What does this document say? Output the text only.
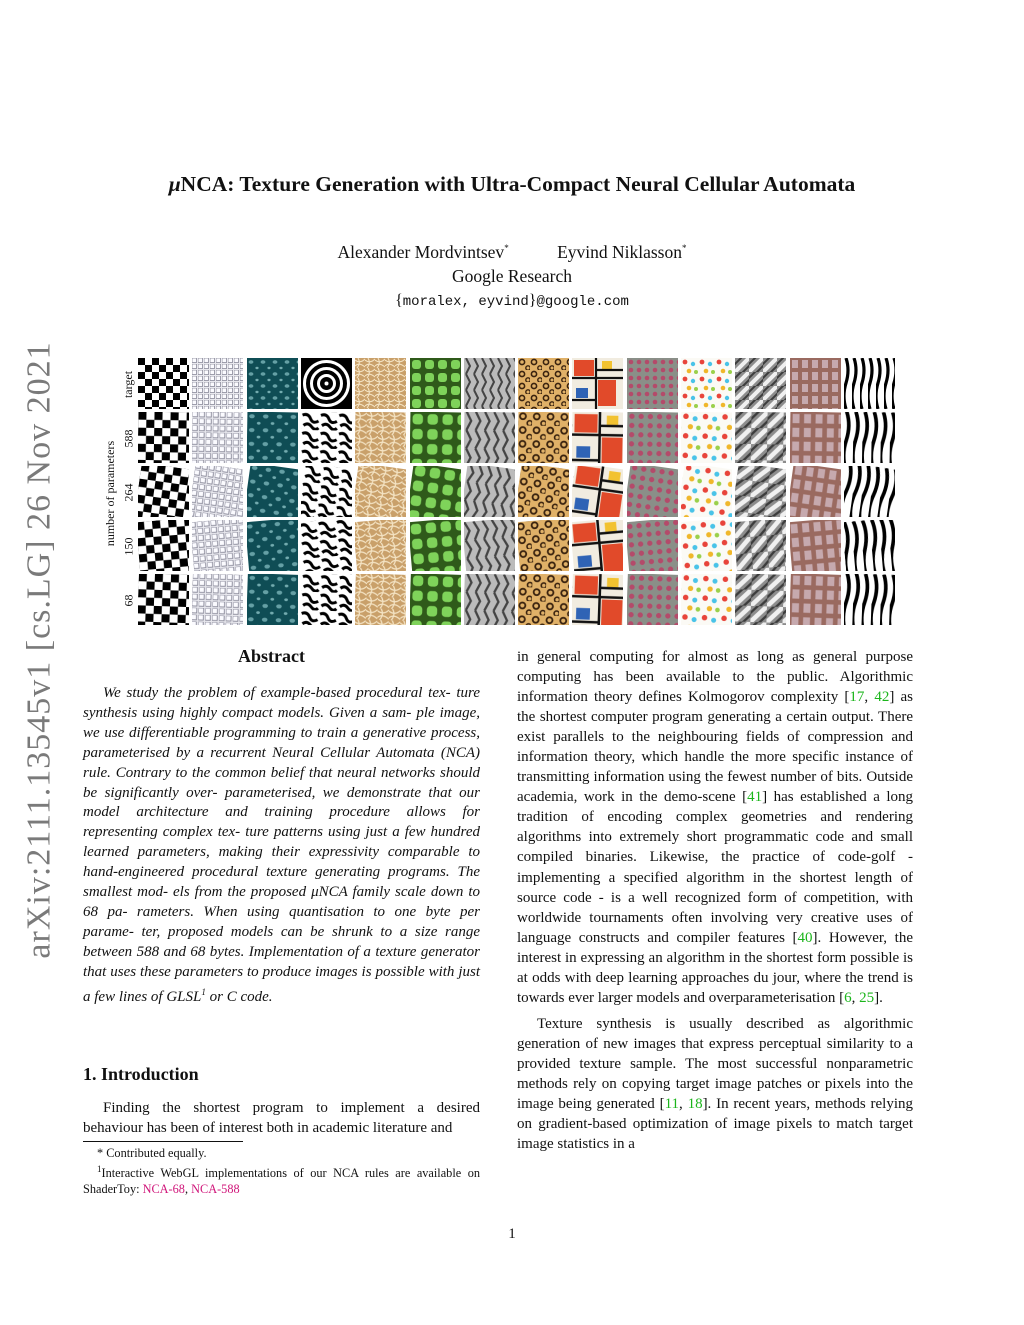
arXiv:2111.13545v1 [cs.LG] 26 Nov 2021
μNCA: Texture Generation with Ultra-Compact Neural Cellular Automata
Alexander Mordvintsev*	Eyvind Niklasson*
Google Research
{moralex, eyvind}@google.com
number of parameters
target
588
264
150
68
Abstract

We study the problem of example-based procedural tex- ture synthesis using highly compact models. Given a sam- ple image, we use differentiable programming to train a generative process, parameterised by a recurrent Neural Cellular Automata (NCA) rule. Contrary to the common belief that neural networks should be significantly over- parameterised, we demonstrate that our model architecture and training procedure allows for representing complex tex- ture patterns using just a few hundred learned parameters, making their expressivity comparable to hand-engineered procedural texture generating programs. The smallest mod- els from the proposed μNCA family scale down to 68 pa- rameters. When using quantisation to one byte per parame- ter, proposed models can be shrunk to a size range between 588 and 68 bytes. Implementation of a texture generator that uses these parameters to produce images is possible with just a few lines of GLSL$^1$ or C code.

1. Introduction

Finding the shortest program to implement a desired behaviour has been of interest both in academic literature and

* Contributed equally.

$^1$Interactive WebGL implementations of our NCA rules are available on ShaderToy: NCA-68, NCA-588

in general computing for almost as long as general purpose computing has been available to the public. Algorithmic information theory defines Kolmogorov complexity [17, 42] as the shortest computer program generating a certain output. There exist parallels to the neighbouring fields of compression and information theory, which handle the more specific instance of transmitting information using the fewest number of bits. Outside academia, work in the demo-scene [41] has established a long tradition of encoding complex geometries and rendering algorithms into extremely short programmatic code and small compiled binaries. Likewise, the practice of code-golf - implementing a specified algorithm in the shortest length of source code - is a well recognized form of competition, with worldwide tournaments often involving very creative uses of language constructs and compiler features [40]. However, the interest in expressing an algorithm in the shortest form possible is at odds with deep learning approaches du jour, where the trend is towards ever larger models and overparameterisation [6, 25].

Texture synthesis is usually described as algorithmic generation of new images that express perceptual similarity to a provided texture sample. The most successful nonparametric methods rely on copying target image patches or pixels into the image being generated [11, 18]. In recent years, methods relying on gradient-based optimization of image pixels to match target image statistics in a

1
